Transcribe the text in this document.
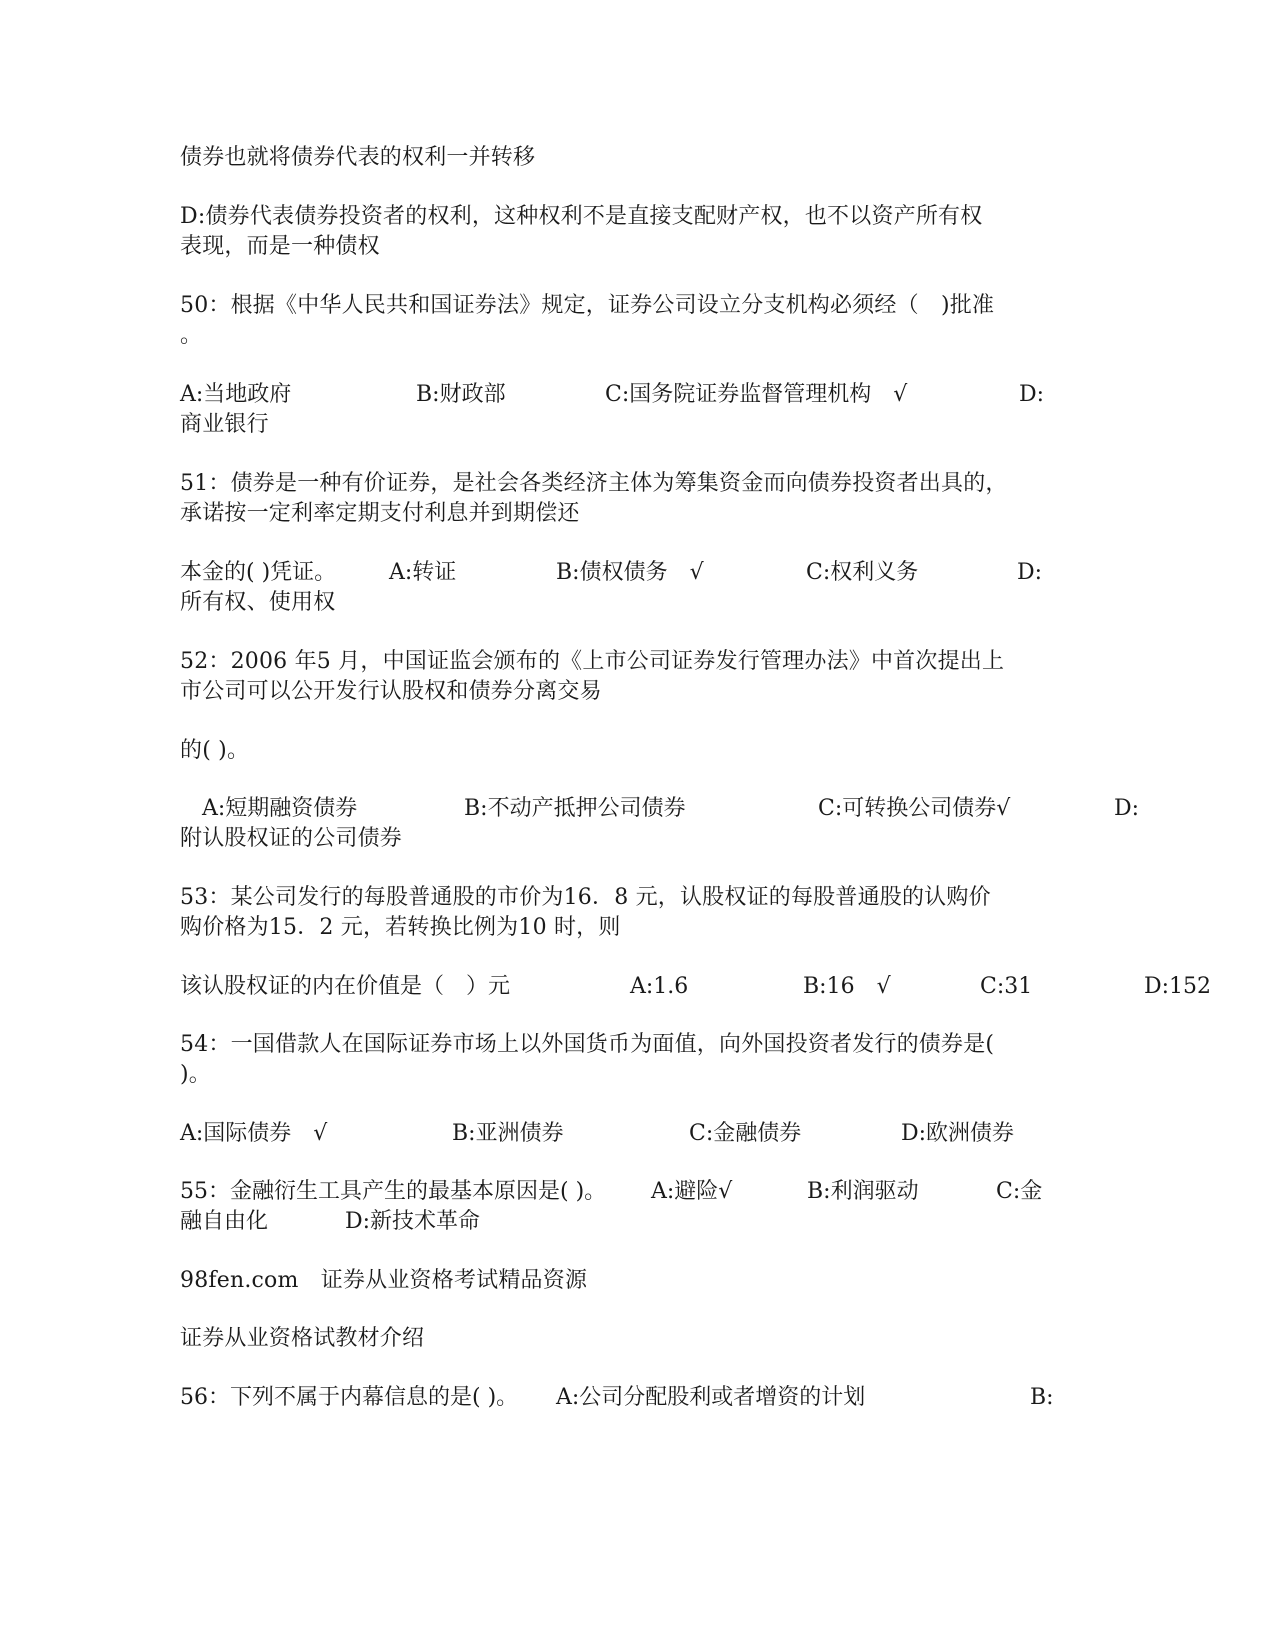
债券也就将债券代表的权利一并转移
D:债券代表债券投资者的权利，这种权利不是直接支配财产权，也不以资产所有权
表现，而是一种债权
50：根据《中华人民共和国证券法》规定，证券公司设立分支机构必须经（　)批准
。
A:当地政府	B:财政部	C:国务院证券监督管理机构　√	D:
商业银行
51：债券是一种有价证券，是社会各类经济主体为筹集资金而向债券投资者出具的，
承诺按一定利率定期支付利息并到期偿还
本金的( )凭证。 A:转证	B:债权债务　√	C:权利义务	D:
所有权、使用权
52：2006 年5 月，中国证监会颁布的《上市公司证券发行管理办法》中首次提出上
市公司可以公开发行认股权和债券分离交易
的( )。
A:短期融资债券	B:不动产抵押公司债券	C:可转换公司债券√	D:
附认股权证的公司债券
53：某公司发行的每股普通股的市价为16．8 元，认股权证的每股普通股的认购价
购价格为15．2 元，若转换比例为10 时，则
该认股权证的内在价值是（　）元	A:1.6	B:16　√	C:31	D:152
54：一国借款人在国际证券市场上以外国货币为面值，向外国投资者发行的债券是(
)。
A:国际债券　√	B:亚洲债券	C:金融债券	D:欧洲债券
55：金融衍生工具产生的最基本原因是( )。 A:避险√	B:利润驱动	C:金
融自由化	D:新技术革命
98fen.com　证券从业资格考试精品资源
证券从业资格试教材介绍
56：下列不属于内幕信息的是( )。 A:公司分配股利或者增资的计划	B:
